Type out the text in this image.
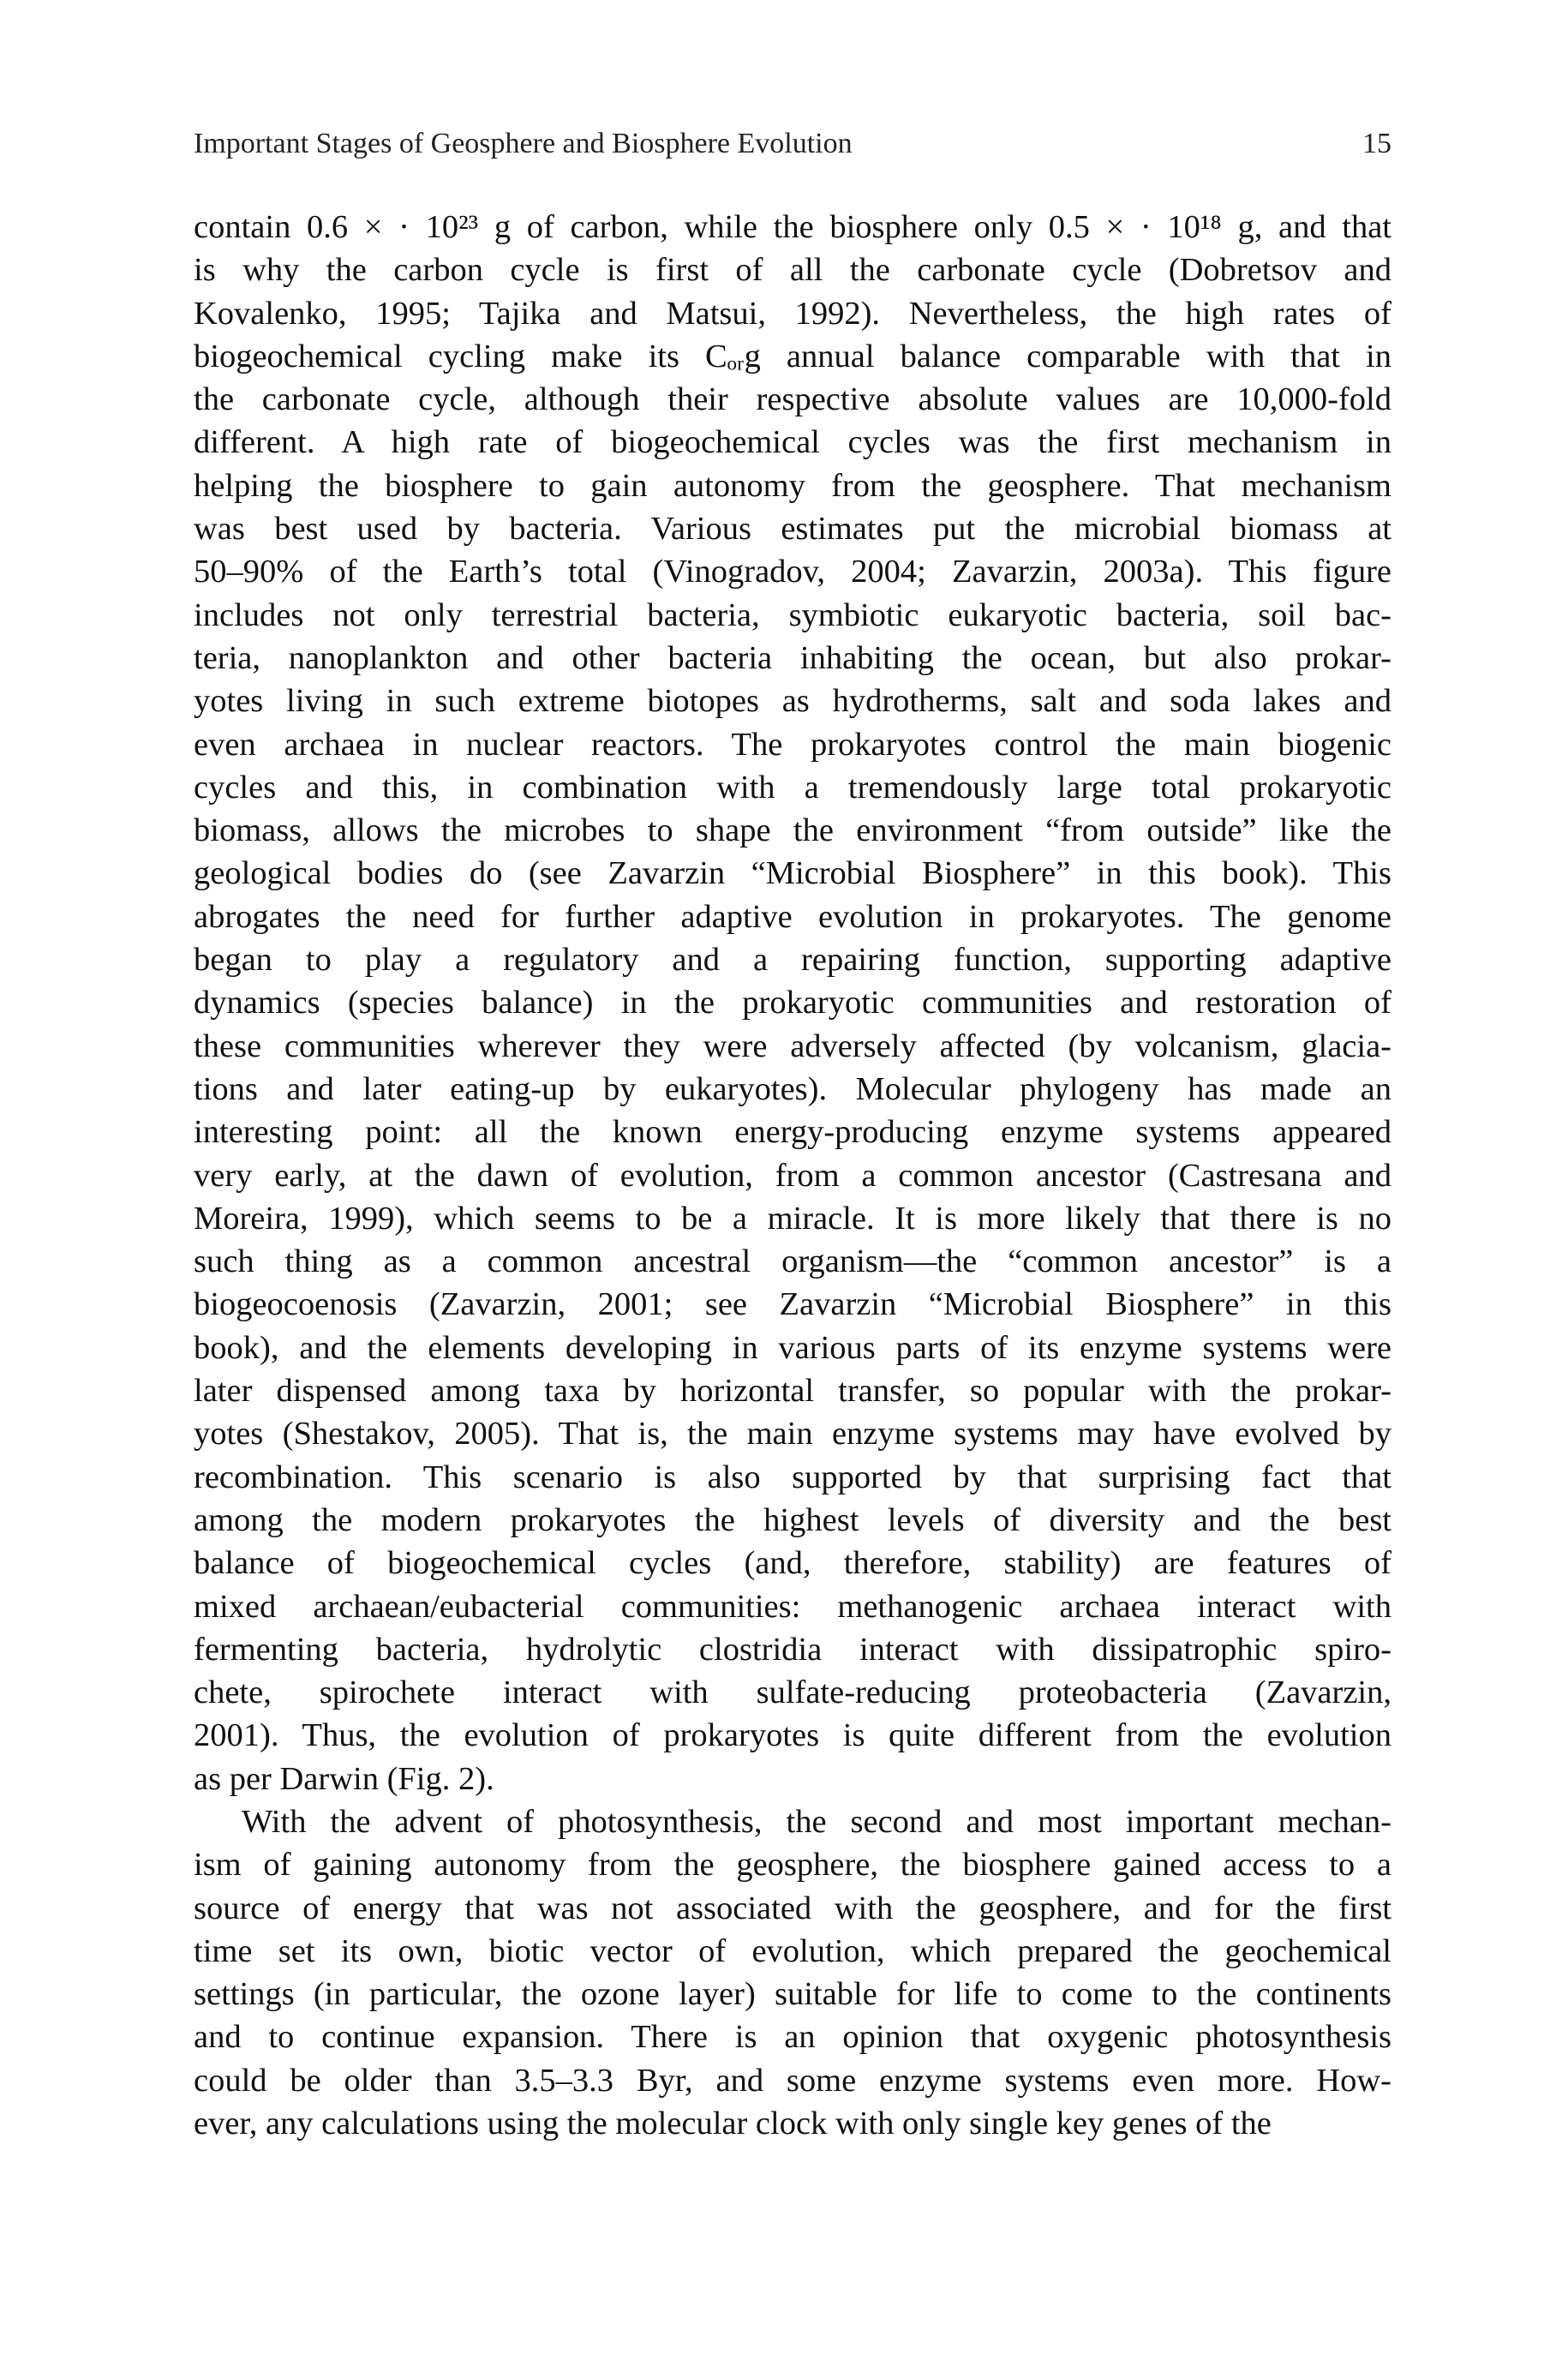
Important Stages of Geosphere and Biosphere Evolution	15
contain 0.6 × · 10²³ g of carbon, while the biosphere only 0.5 × · 10¹⁸ g, and that
is why the carbon cycle is first of all the carbonate cycle (Dobretsov and
Kovalenko, 1995; Tajika and Matsui, 1992). Nevertheless, the high rates of
biogeochemical cycling make its Cₒᵣg annual balance comparable with that in
the carbonate cycle, although their respective absolute values are 10,000-fold
different. A high rate of biogeochemical cycles was the first mechanism in
helping the biosphere to gain autonomy from the geosphere. That mechanism
was best used by bacteria. Various estimates put the microbial biomass at
50–90% of the Earth’s total (Vinogradov, 2004; Zavarzin, 2003a). This figure
includes not only terrestrial bacteria, symbiotic eukaryotic bacteria, soil bac-
teria, nanoplankton and other bacteria inhabiting the ocean, but also prokar-
yotes living in such extreme biotopes as hydrotherms, salt and soda lakes and
even archaea in nuclear reactors. The prokaryotes control the main biogenic
cycles and this, in combination with a tremendously large total prokaryotic
biomass, allows the microbes to shape the environment “from outside” like the
geological bodies do (see Zavarzin “Microbial Biosphere” in this book). This
abrogates the need for further adaptive evolution in prokaryotes. The genome
began to play a regulatory and a repairing function, supporting adaptive
dynamics (species balance) in the prokaryotic communities and restoration of
these communities wherever they were adversely affected (by volcanism, glacia-
tions and later eating-up by eukaryotes). Molecular phylogeny has made an
interesting point: all the known energy-producing enzyme systems appeared
very early, at the dawn of evolution, from a common ancestor (Castresana and
Moreira, 1999), which seems to be a miracle. It is more likely that there is no
such thing as a common ancestral organism—the “common ancestor” is a
biogeocoenosis (Zavarzin, 2001; see Zavarzin “Microbial Biosphere” in this
book), and the elements developing in various parts of its enzyme systems were
later dispensed among taxa by horizontal transfer, so popular with the prokar-
yotes (Shestakov, 2005). That is, the main enzyme systems may have evolved by
recombination. This scenario is also supported by that surprising fact that
among the modern prokaryotes the highest levels of diversity and the best
balance of biogeochemical cycles (and, therefore, stability) are features of
mixed archaean/eubacterial communities: methanogenic archaea interact with
fermenting bacteria, hydrolytic clostridia interact with dissipatrophic spiro-
chete, spirochete interact with sulfate-reducing proteobacteria (Zavarzin,
2001). Thus, the evolution of prokaryotes is quite different from the evolution
as per Darwin (Fig. 2).
With the advent of photosynthesis, the second and most important mechan-
ism of gaining autonomy from the geosphere, the biosphere gained access to a
source of energy that was not associated with the geosphere, and for the first
time set its own, biotic vector of evolution, which prepared the geochemical
settings (in particular, the ozone layer) suitable for life to come to the continents
and to continue expansion. There is an opinion that oxygenic photosynthesis
could be older than 3.5–3.3 Byr, and some enzyme systems even more. How-
ever, any calculations using the molecular clock with only single key genes of the
